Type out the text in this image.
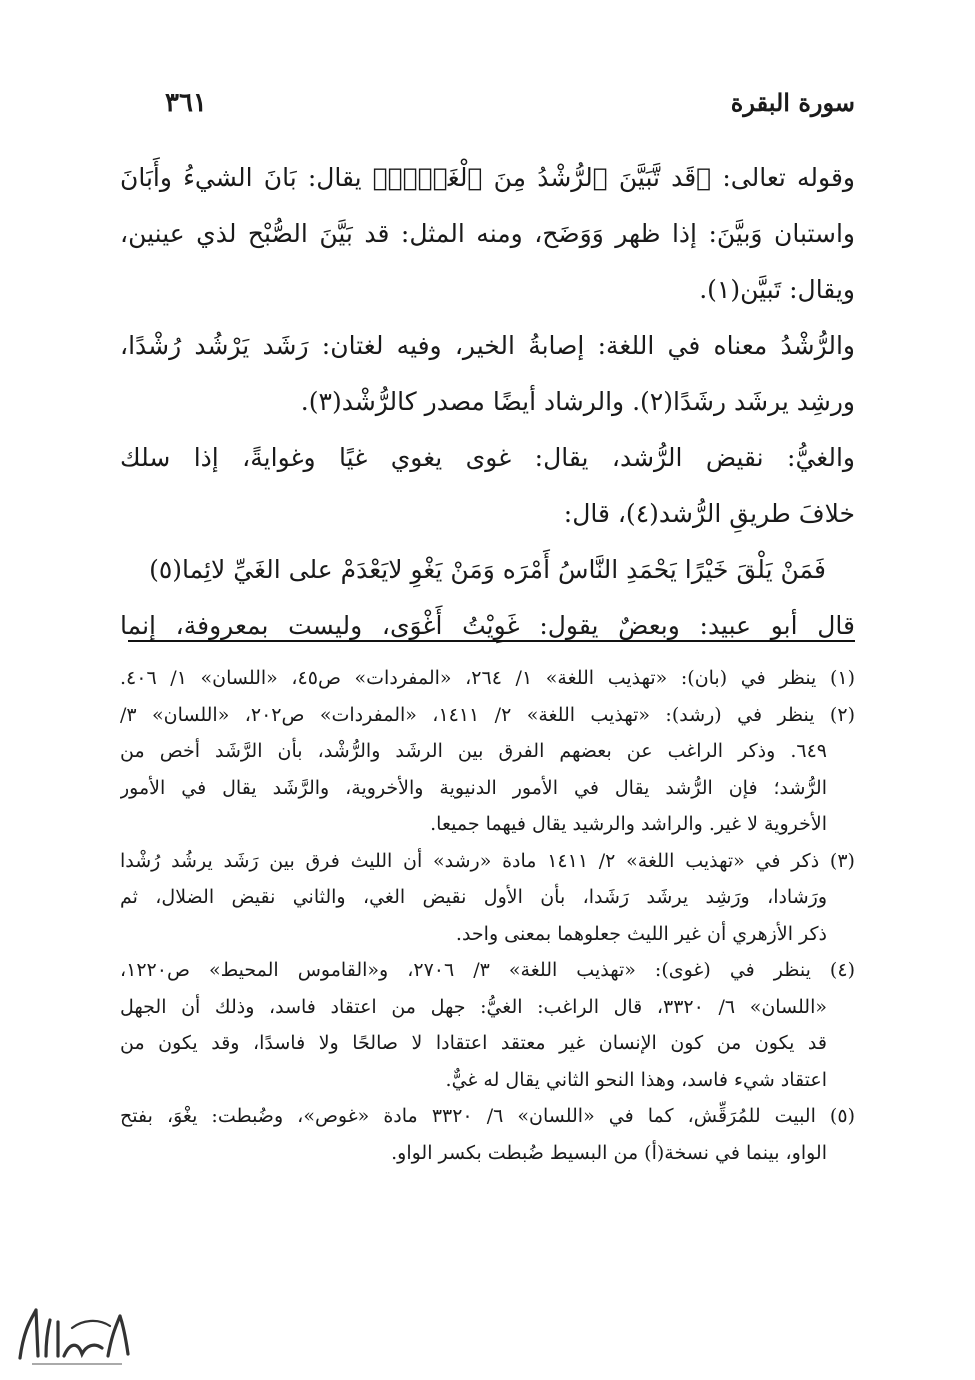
سورة البقرة
٣٦١
وقوله تعالى: ﴿قَد تَّبَيَّنَ ٱلرُّشْدُ مِنَ ٱلْغَيِّۚ﴾ يقال: بَانَ الشيءُ وأَبَانَ
واستبان وَبيَّنَ: إذا ظهر وَوَضَح، ومنه المثل: قد بَيَّنَ الصُّبْح لذي عينين،
ويقال: تَبيَّن(١).
والرُّشْدُ معناه في اللغة: إصابةُ الخير، وفيه لغتان: رَشَد يَرْشُد رُشْدًا،
ورشِد يرشَد رشَدًا(٢). والرشاد أيضًا مصدر كالرُّشْد(٣).
والغيُّ: نقيض الرُّشد، يقال: غوى يغوي غيًا وغوايةً، إذا سلك
خلافَ طريقِ الرُّشد(٤)، قال:
فَمَنْ يَلْقَ خَيْرًا يَحْمَدِ النَّاسُ أَمْرَه وَمَنْ يَغْوِ لايَعْدَمْ على الغَيِّ لائِما(٥)
قال أبو عبيد: وبعضٌ يقول: غَوِيْتُ أَغْوَى، وليست بمعروفة، إنما
(١) ينظر في (بان): «تهذيب اللغة» ١/ ٢٦٤، «المفردات» ص٤٥، «اللسان» ١/ ٤٠٦.
(٢) ينظر في (رشد): «تهذيب اللغة» ٢/ ١٤١١، «المفردات» ص٢٠٢، «اللسان» ٣/
٦٤٩. وذكر الراغب عن بعضهم الفرق بين الرشَد والرُّشْد، بأن الرَّشَد أخص من
الرُّشد؛ فإن الرُّشد يقال في الأمور الدنيوية والأخروية، والرَّشَد يقال في الأمور
الأخروية لا غير. والراشد والرشيد يقال فيهما جميعا.
(٣) ذكر في «تهذيب اللغة» ٢/ ١٤١١ مادة «رشد» أن الليث فرق بين رَشَد يرشُد رُشْدا
ورَشادا، ورَشِد يرشَد رَشَدا، بأن الأول نقيض الغي، والثاني نقيض الضلال، ثم
ذكر الأزهري أن غير الليث جعلوهما بمعنى واحد.
(٤) ينظر في (غوى): «تهذيب اللغة» ٣/ ٢٧٠٦، و«القاموس المحيط» ص١٢٢٠،
«اللسان» ٦/ ٣٣٢٠، قال الراغب: الغيُّ: جهل من اعتقاد فاسد، وذلك أن الجهل
قد يكون من كون الإنسان غير معتقد اعتقادا لا صالحًا ولا فاسدًا، وقد يكون من
اعتقاد شيء فاسد، وهذا النحو الثاني يقال له غيٌّ.
(٥) البيت للمُرَقِّش، كما في «اللسان» ٦/ ٣٣٢٠ مادة «غوص»، وضُبطت: يغْوَ، بفتح
الواو، بينما في نسخة(أ) من البسيط ضُبطت بكسر الواو.
